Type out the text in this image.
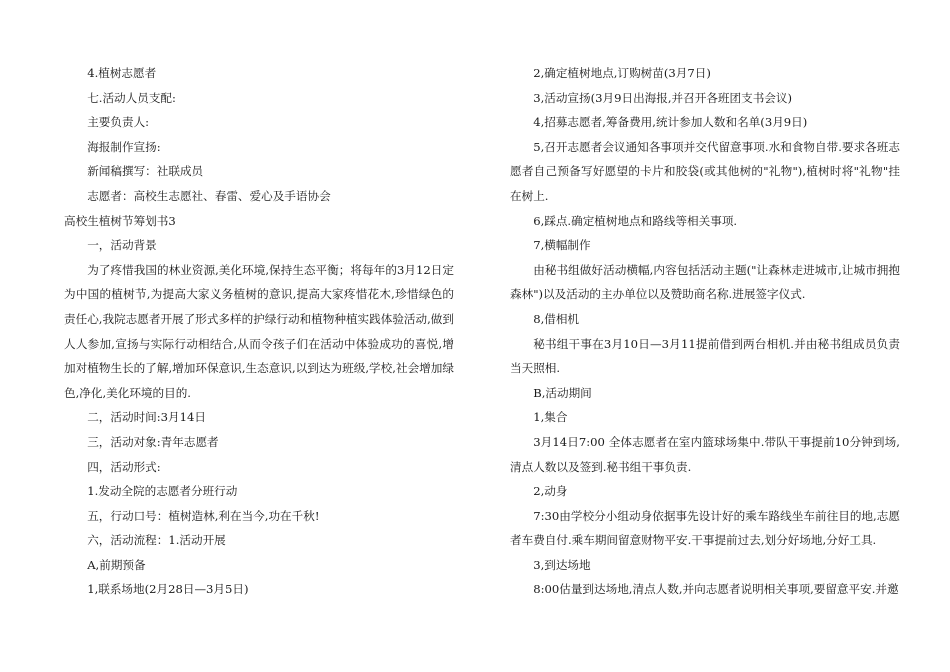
4.植树志愿者

七.活动人员支配:

主要负责人:

海报制作宣扬:

新闻稿撰写：社联成员

志愿者：高校生志愿社、春雷、爱心及手语协会

高校生植树节筹划书3

一，活动背景

为了疼惜我国的林业资源,美化环境,保持生态平衡；将每年的3月12日定为中国的植树节,为提高大家义务植树的意识,提高大家疼惜花木,珍惜绿色的责任心,我院志愿者开展了形式多样的护绿行动和植物种植实践体验活动,做到人人参加,宣扬与实际行动相结合,从而令孩子们在活动中体验成功的喜悦,增加对植物生长的了解,增加环保意识,生态意识,以到达为班级,学校,社会增加绿色,净化,美化环境的目的.

二，活动时间:3月14日

三，活动对象:青年志愿者

四，活动形式:

1.发动全院的志愿者分班行动

五，行动口号：植树造林,利在当今,功在千秋!

六，活动流程：1.活动开展

A,前期预备

1,联系场地(2月28日—3月5日)

2,确定植树地点,订购树苗(3月7日)

3,活动宣扬(3月9日出海报,并召开各班团支书会议)

4,招募志愿者,筹备费用,统计参加人数和名单(3月9日)

5,召开志愿者会议通知各事项并交代留意事项.水和食物自带.要求各班志愿者自己预备写好愿望的卡片和胶袋(或其他树的"礼物"),植树时将"礼物"挂在树上.

6,踩点.确定植树地点和路线等相关事项.

7,横幅制作

由秘书组做好活动横幅,内容包括活动主题("让森林走进城市,让城市拥抱森林")以及活动的主办单位以及赞助商名称.进展签字仪式.

8,借相机

秘书组干事在3月10日—3月11提前借到两台相机.并由秘书组成员负责当天照相.

B,活动期间

1,集合

3月14日7:00 全体志愿者在室内篮球场集中.带队干事提前10分钟到场,清点人数以及签到.秘书组干事负责.

2,动身

7:30由学校分小组动身依据事先设计好的乘车路线坐车前往目的地,志愿者车费自付.乘车期间留意财物平安.干事提前过去,划分好场地,分好工具.

3,到达场地

8:00估量到达场地,清点人数,并向志愿者说明相关事项,要留意平安.并邀
